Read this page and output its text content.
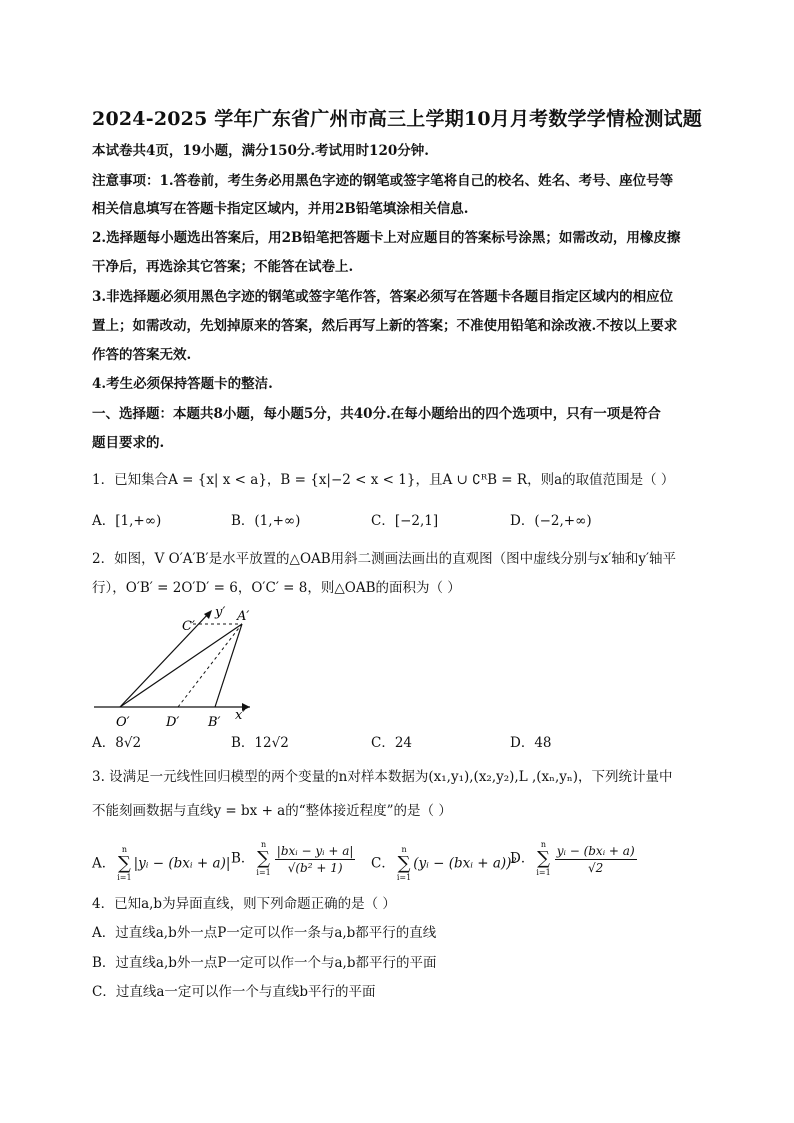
2024-2025 学年广东省广州市高三上学期10月月考数学学情检测试题
本试卷共4页，19小题，满分150分.考试用时120分钟.
注意事项：1.答卷前，考生务必用黑色字迹的钢笔或签字笔将自己的校名、姓名、考号、座位号等
相关信息填写在答题卡指定区域内，并用2B铅笔填涂相关信息.
2.选择题每小题选出答案后，用2B铅笔把答题卡上对应题目的答案标号涂黑；如需改动，用橡皮擦
干净后，再选涂其它答案；不能答在试卷上.
3.非选择题必须用黑色字迹的钢笔或签字笔作答，答案必须写在答题卡各题目指定区域内的相应位
置上；如需改动，先划掉原来的答案，然后再写上新的答案；不准使用铅笔和涂改液.不按以上要求
作答的答案无效.
4.考生必须保持答题卡的整洁.
一、选择题：本题共8小题，每小题5分，共40分.在每小题给出的四个选项中，只有一项是符合
题目要求的.
1．已知集合A = {x| x < a}，B = {x|−2 < x < 1}，且A ∪ ∁ᴿB = R，则a的取值范围是（ ）
A．[1,+∞)	B．(1,+∞)	C．[−2,1]	D．(−2,+∞)
2．如图，V O′A′B′是水平放置的△OAB用斜二测画法画出的直观图（图中虚线分别与x′轴和y′轴平
行），O′B′ = 2O′D′ = 6，O′C′ = 8，则△OAB的面积为（ ）
C′
y′ A′
O′	D′ B′ x′
A．8√2	B．12√2	C．24	D．48
3. 设满足一元线性回归模型的两个变量的n对样本数据为(x₁,y₁),(x₂,y₂),L ,(xₙ,yₙ)，下列统计量中
不能刻画数据与直线y = bx + a的“整体接近程度”的是（ ）
A．
n
∑
i=1
|yᵢ − (bxᵢ + a)| B．
n
∑
$i=1 \frac{\text{|bxᵢ − yᵢ + a|}}{\text{√(b² + 1)}}$ C．
n
∑
i=1
(yᵢ − (bxᵢ + a))²
D．
n
∑
$i=1 \frac{\text{yᵢ − (bxᵢ + a)}}{√2}$
4．已知a,b为异面直线，则下列命题正确的是（ ）
A．过直线a,b外一点P一定可以作一条与a,b都平行的直线
B．过直线a,b外一点P一定可以作一个与a,b都平行的平面
C．过直线a一定可以作一个与直线b平行的平面
